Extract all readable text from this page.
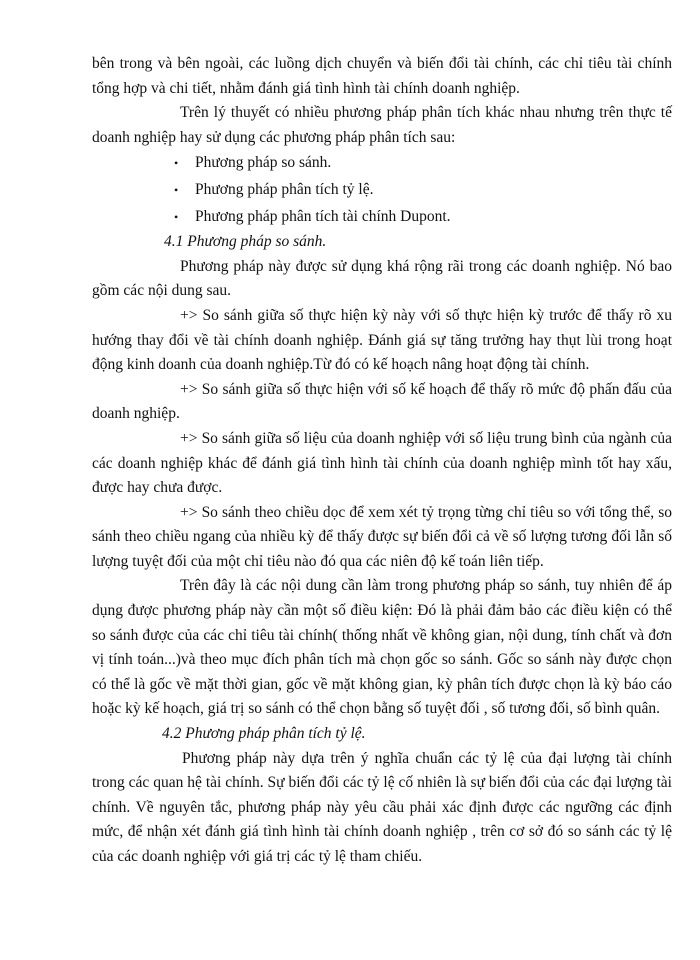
bên trong và bên ngoài, các luồng dịch chuyển và biến đổi tài chính, các chỉ tiêu tài chính tổng hợp và chi tiết, nhằm đánh giá tình hình tài chính doanh nghiệp.

Trên lý thuyết có nhiều phương pháp phân tích khác nhau nhưng trên thực tế doanh nghiệp hay sử dụng các phương pháp phân tích sau:

• Phương pháp so sánh.
• Phương pháp phân tích tỷ lệ.
• Phương pháp phân tích tài chính Dupont.

4.1 Phương pháp so sánh.

Phương pháp này được sử dụng khá rộng rãi trong các doanh nghiệp. Nó bao gồm các nội dung sau.

+> So sánh giữa số thực hiện kỳ này với số thực hiện kỳ trước để thấy rõ xu hướng thay đổi về tài chính doanh nghiệp. Đánh giá sự tăng trưởng hay thụt lùi trong hoạt động kinh doanh của doanh nghiệp.Từ đó có kế hoạch nâng hoạt động tài chính.

+> So sánh giữa số thực hiện với số kế hoạch để thấy rõ mức độ phấn đấu của doanh nghiệp.

+> So sánh giữa số liệu của doanh nghiệp với số liệu trung bình của ngành của các doanh nghiệp khác để đánh giá tình hình tài chính của doanh nghiệp mình tốt hay xấu, được hay chưa được.

+> So sánh theo chiều dọc để xem xét tỷ trọng từng chỉ tiêu so với tổng thể, so sánh theo chiều ngang của nhiều kỳ để thấy được sự biến đổi cả về số lượng tương đối lẫn số lượng tuyệt đối của một chỉ tiêu nào đó qua các niên độ kế toán liên tiếp.

Trên đây là các nội dung cần làm trong phương pháp so sánh, tuy nhiên để áp dụng được phương pháp này cần một số điều kiện: Đó là phải đảm bảo các điều kiện có thể so sánh được của các chỉ tiêu tài chính( thống nhất về không gian, nội dung, tính chất và đơn vị tính toán...)và theo mục đích phân tích mà chọn gốc so sánh. Gốc so sánh này được chọn có thể là gốc về mặt thời gian, gốc về mặt không gian, kỳ phân tích được chọn là kỳ báo cáo hoặc kỳ kế hoạch, giá trị so sánh có thể chọn bằng số tuyệt đối , số tương đối, số bình quân.

4.2 Phương pháp phân tích tỷ lệ.

Phương pháp này dựa trên ý nghĩa chuẩn các tỷ lệ của đại lượng tài chính trong các quan hệ tài chính. Sự biến đổi các tỷ lệ cố nhiên là sự biến đổi của các đại lượng tài chính. Về nguyên tắc, phương pháp này yêu cầu phải xác định được các ngưỡng các định mức, để nhận xét đánh giá tình hình tài chính doanh nghiệp , trên cơ sở đó so sánh các tỷ lệ của các doanh nghiệp với giá trị các tỷ lệ tham chiếu.
